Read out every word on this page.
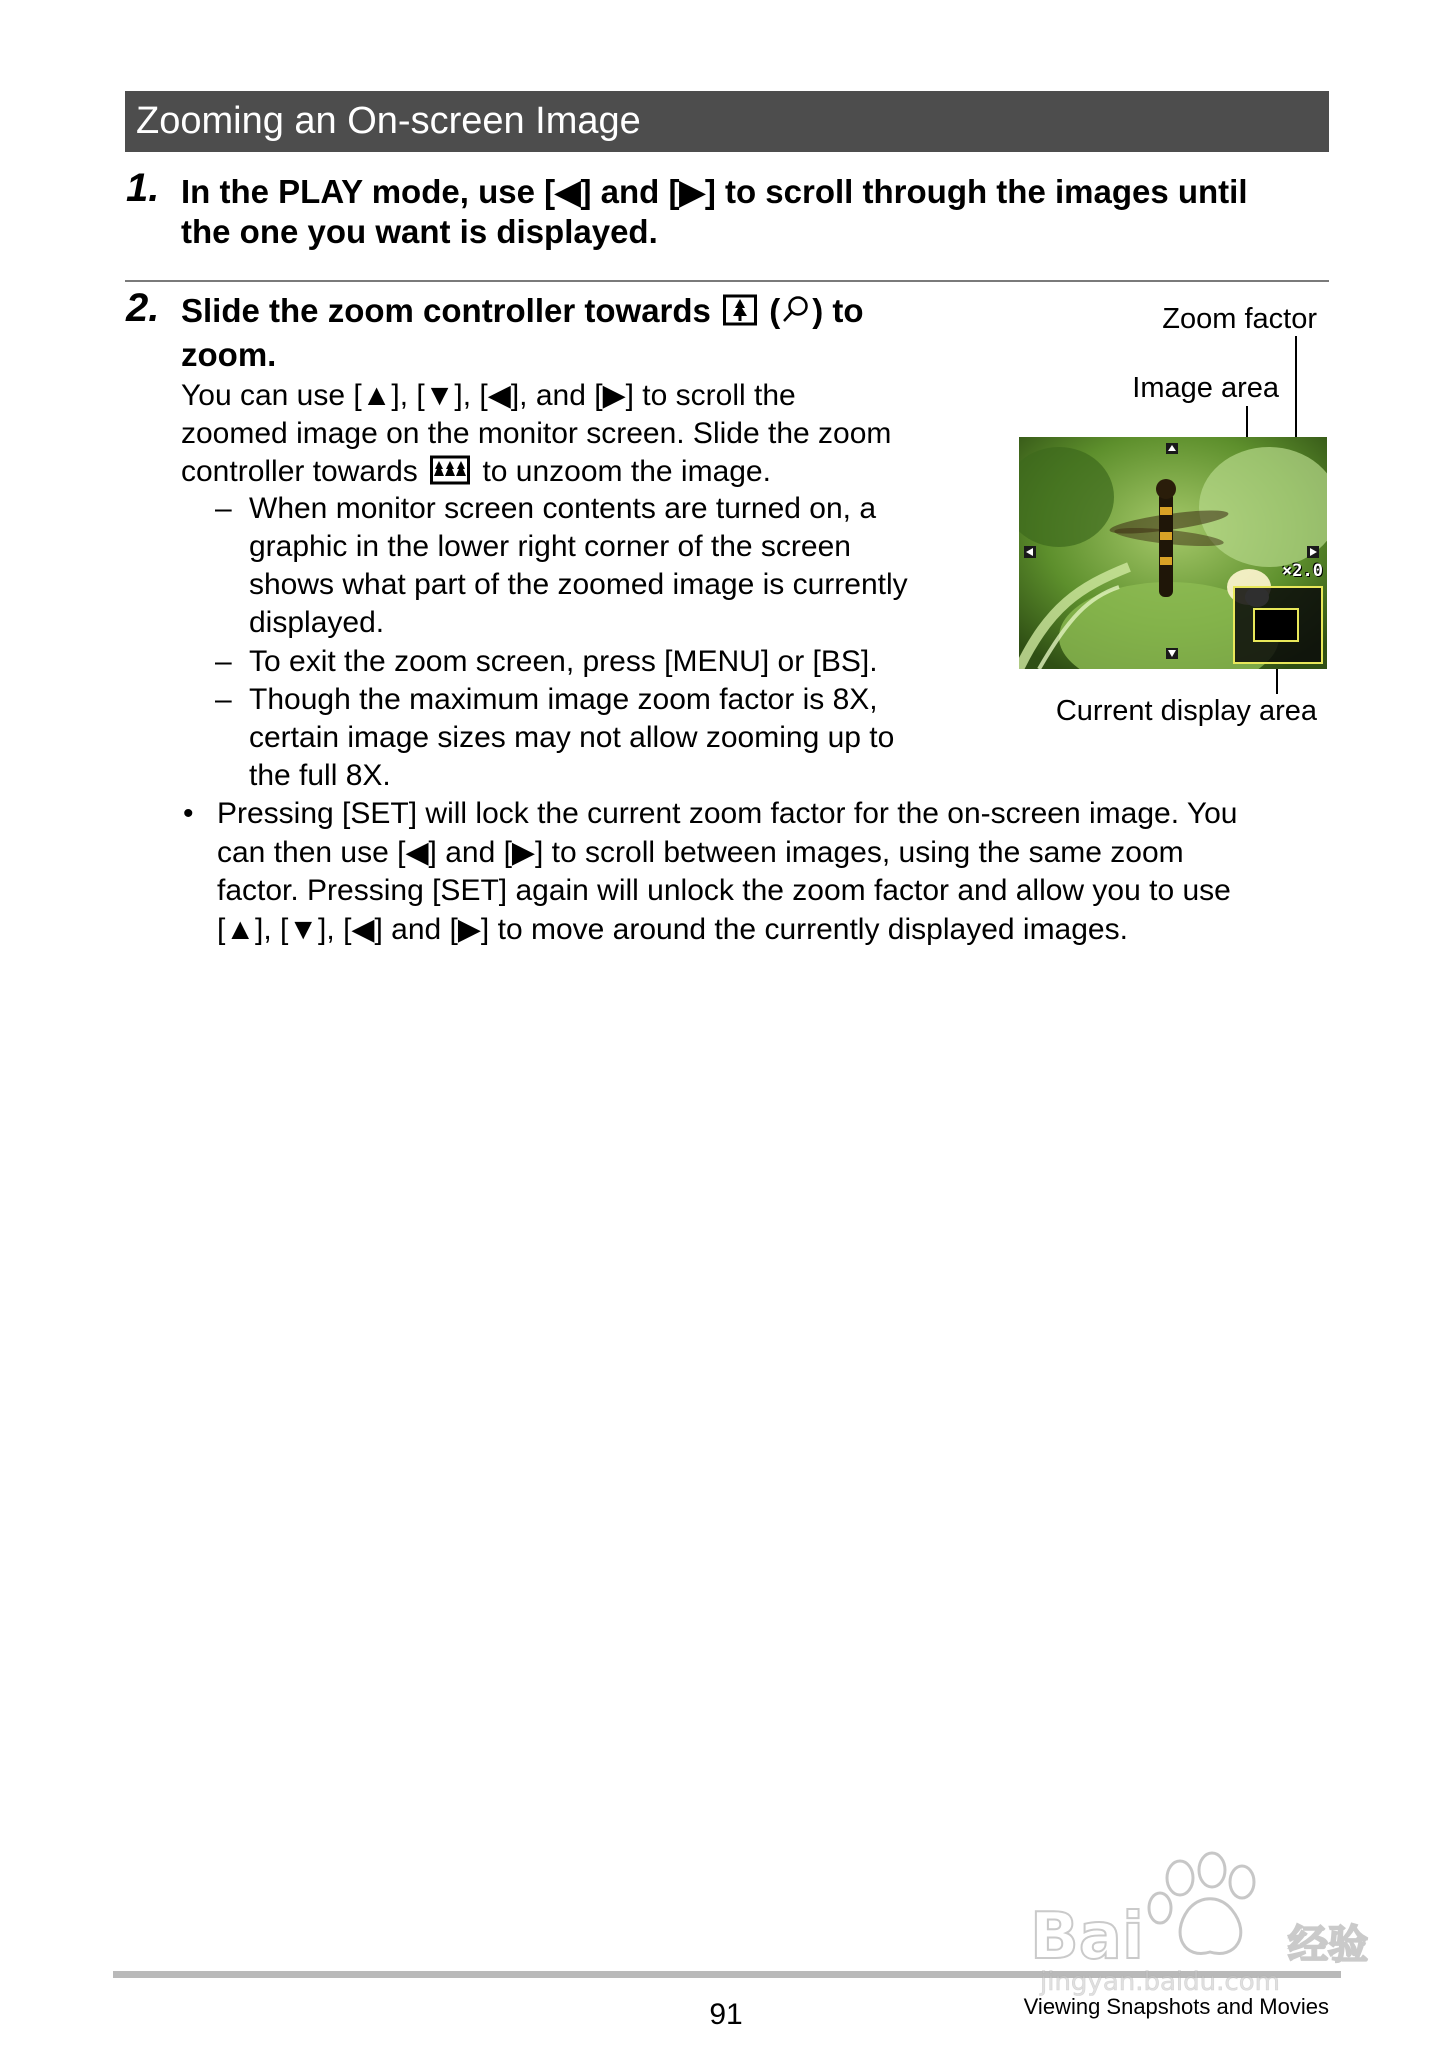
Zooming an On-screen Image
1. In the PLAY mode, use [◀] and [▶] to scroll through the images until
the one you want is displayed.
2. Slide the zoom controller towards ( ) to
zoom.
You can use [▲], [▼], [◀], and [▶] to scroll the
zoomed image on the monitor screen. Slide the zoom
controller towards to unzoom the image.
– When monitor screen contents are turned on, a
graphic in the lower right corner of the screen
shows what part of the zoomed image is currently
displayed.
– To exit the zoom screen, press [MENU] or [BS].
– Though the maximum image zoom factor is 8X,
certain image sizes may not allow zooming up to
the full 8X.
• Pressing [SET] will lock the current zoom factor for the on-screen image. You
can then use [◀] and [▶] to scroll between images, using the same zoom
factor. Pressing [SET] again will unlock the zoom factor and allow you to use
[▲], [▼], [◀] and [▶] to move around the currently displayed images.
Zoom factor
Image area
Current display area
×2.0
91	Viewing Snapshots and Movies
Bai	经验
jingyan.baidu.com
